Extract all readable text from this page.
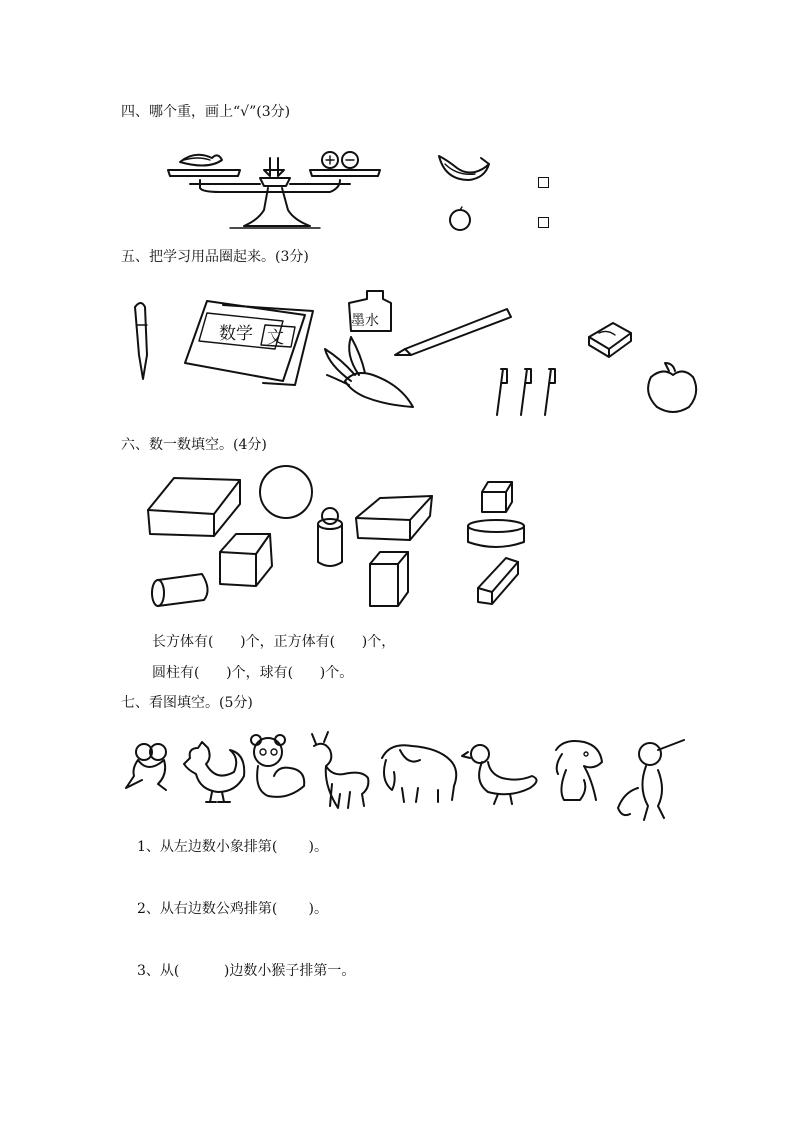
四、哪个重，画上“√”(3分)
五、把学习用品圈起来。(3分)
数学 文
墨水
六、数一数填空。(4分)
长方体有(      )个，正方体有(      )个，
圆柱有(      )个，球有(      )个。
七、看图填空。(5分)
1、从左边数小象排第(       )。
2、从右边数公鸡排第(       )。
3、从(          )边数小猴子排第一。
